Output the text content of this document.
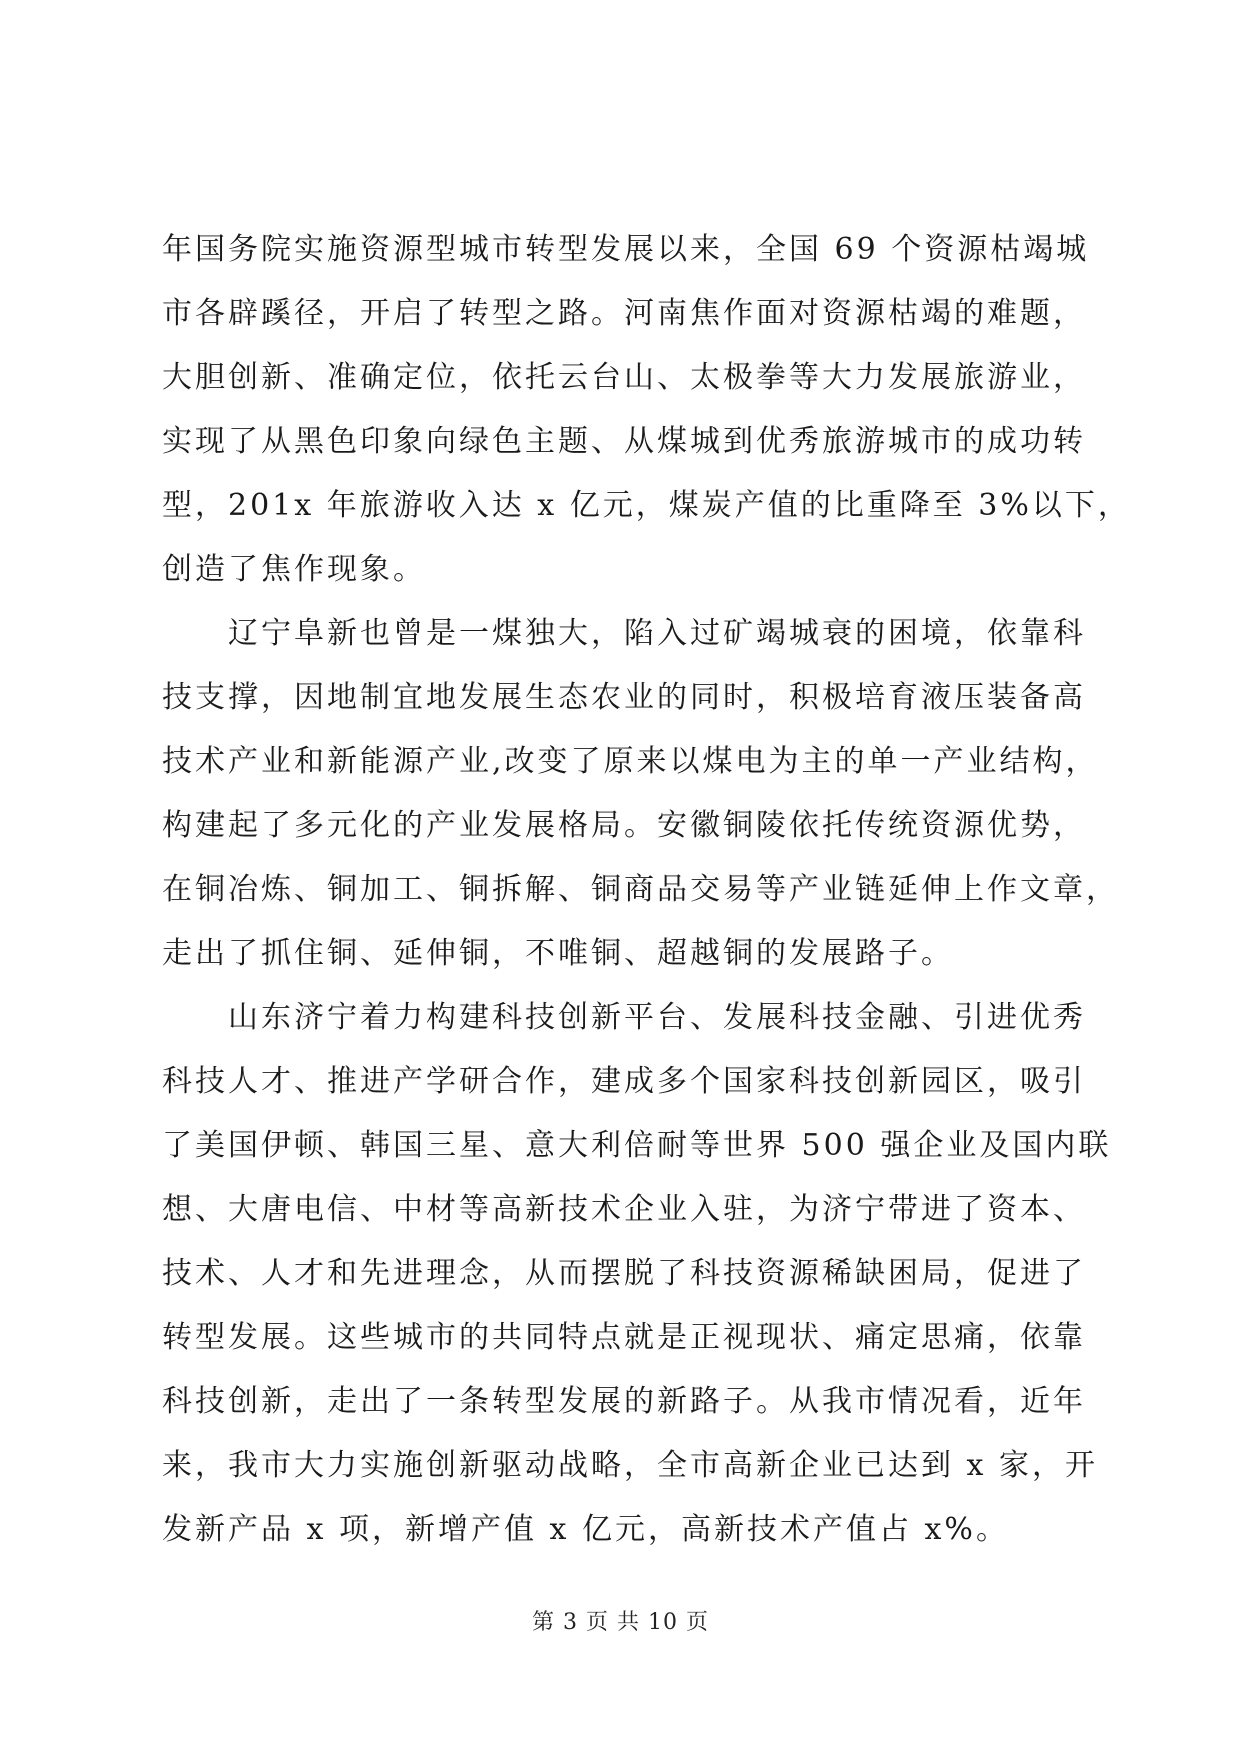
年国务院实施资源型城市转型发展以来，全国 69 个资源枯竭城
市各辟蹊径，开启了转型之路。河南焦作面对资源枯竭的难题，
大胆创新、准确定位，依托云台山、太极拳等大力发展旅游业，
实现了从黑色印象向绿色主题、从煤城到优秀旅游城市的成功转
型，201x 年旅游收入达 x 亿元，煤炭产值的比重降至 3%以下，
创造了焦作现象。
辽宁阜新也曾是一煤独大，陷入过矿竭城衰的困境，依靠科
技支撑，因地制宜地发展生态农业的同时，积极培育液压装备高
技术产业和新能源产业,改变了原来以煤电为主的单一产业结构，
构建起了多元化的产业发展格局。安徽铜陵依托传统资源优势，
在铜冶炼、铜加工、铜拆解、铜商品交易等产业链延伸上作文章，
走出了抓住铜、延伸铜，不唯铜、超越铜的发展路子。
山东济宁着力构建科技创新平台、发展科技金融、引进优秀
科技人才、推进产学研合作，建成多个国家科技创新园区，吸引
了美国伊顿、韩国三星、意大利倍耐等世界 500 强企业及国内联
想、大唐电信、中材等高新技术企业入驻，为济宁带进了资本、
技术、人才和先进理念，从而摆脱了科技资源稀缺困局，促进了
转型发展。这些城市的共同特点就是正视现状、痛定思痛，依靠
科技创新，走出了一条转型发展的新路子。从我市情况看，近年
来，我市大力实施创新驱动战略，全市高新企业已达到 x 家，开
发新产品 x 项，新增产值 x 亿元，高新技术产值占 x%。
第 3 页 共 10 页
